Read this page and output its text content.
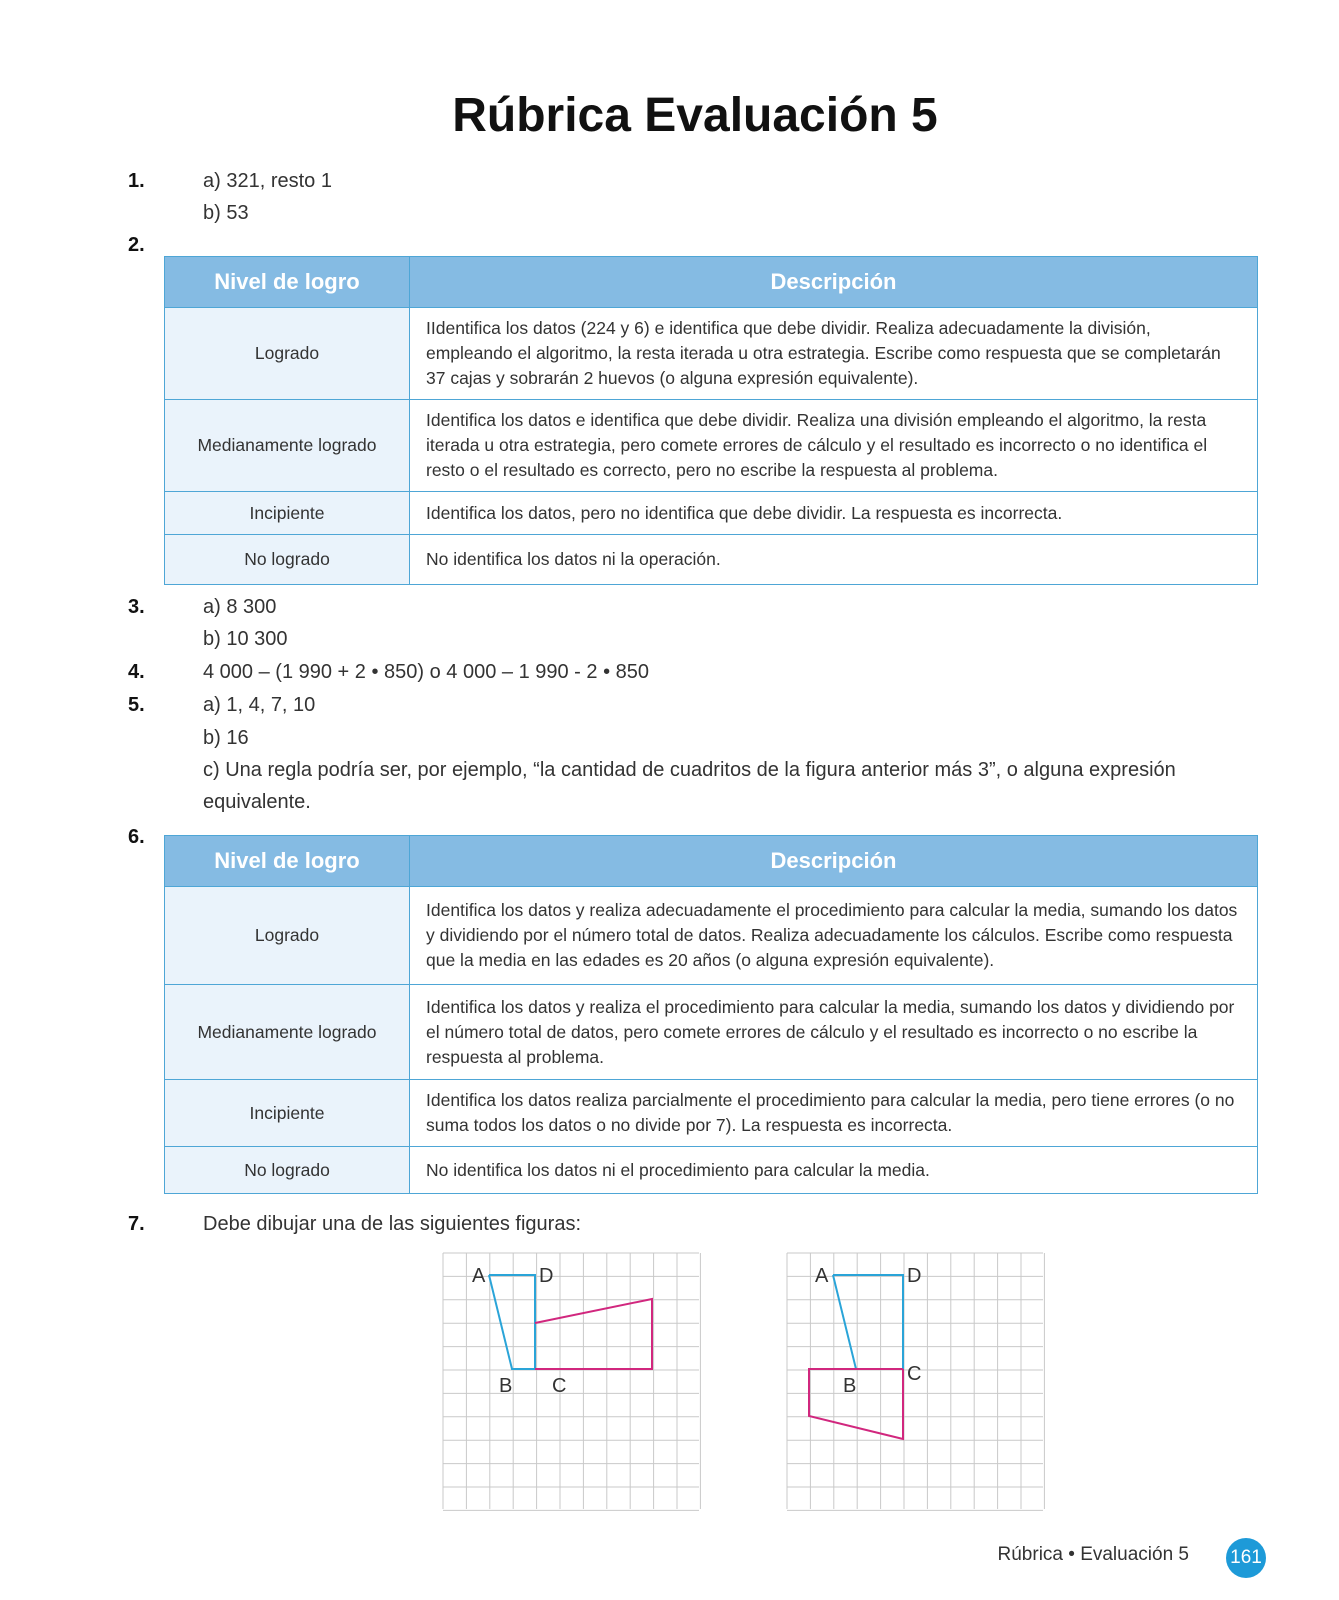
Rúbrica Evaluación 5
1.	a) 321, resto 1
b) 53
2.
Nivel de logro	Descripción
Logrado	IIdentifica los datos (224 y 6) e identifica que debe dividir. Realiza adecuadamente la división, empleando el algoritmo, la resta iterada u otra estrategia. Escribe como respuesta que se completarán 37 cajas y sobrarán 2 huevos (o alguna expresión equivalente).
Medianamente logrado	Identifica los datos e identifica que debe dividir. Realiza una división empleando el algoritmo, la resta iterada u otra estrategia, pero comete errores de cálculo y el resultado es incorrecto o no identifica el resto o el resultado es correcto, pero no escribe la respuesta al problema.
Incipiente	Identifica los datos, pero no identifica que debe dividir. La respuesta es incorrecta.
No logrado	No identifica los datos ni la operación.
3.	a) 8 300
b) 10 300
4.	4 000 – (1 990 + 2 • 850) o 4 000 – 1 990 - 2 • 850
5.	a) 1, 4, 7, 10
b) 16
c) Una regla podría ser, por ejemplo, “la cantidad de cuadritos de la figura anterior más 3”, o alguna expresión equivalente.
6.
Nivel de logro	Descripción
Logrado	Identifica los datos y realiza adecuadamente el procedimiento para calcular la media, sumando los datos y dividiendo por el número total de datos. Realiza adecuadamente los cálculos. Escribe como respuesta que la media en las edades es 20 años (o alguna expresión equivalente).
Medianamente logrado	Identifica los datos y realiza el procedimiento para calcular la media, sumando los datos y dividiendo por el número total de datos, pero comete errores de cálculo y el resultado es incorrecto o no escribe la respuesta al problema.
Incipiente	Identifica los datos realiza parcialmente el procedimiento para calcular la media, pero tiene errores (o no suma todos los datos o no divide por 7). La respuesta es incorrecta.
No logrado	No identifica los datos ni el procedimiento para calcular la media.
7.	Debe dibujar una de las siguientes figuras:
A	D
B C
A	D
B
C
Rúbrica • Evaluación 5 161
